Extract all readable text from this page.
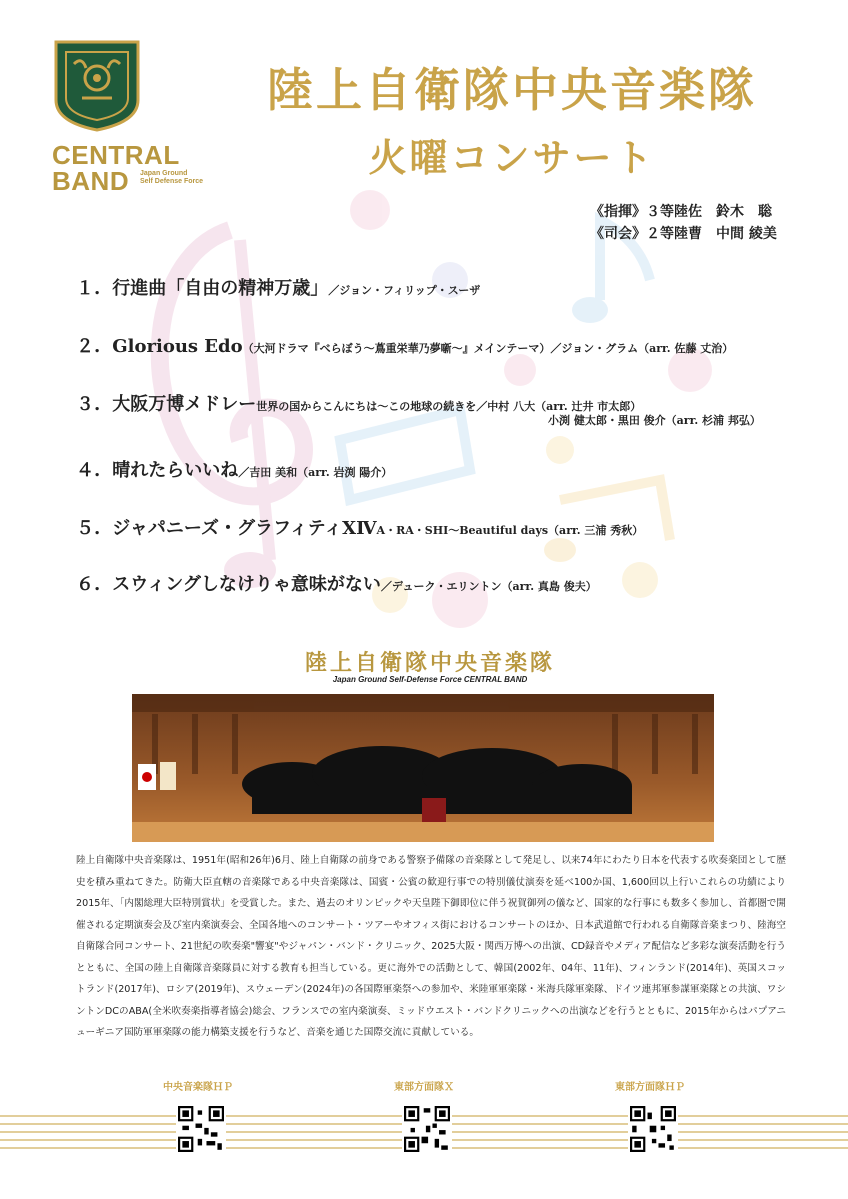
CENTRAL BAND	Japan Ground
Self Defense Force
陸上自衛隊中央音楽隊
火曜コンサート
《指揮》３等陸佐　鈴木　聡
《司会》２等陸曹　中間 綾美
１. 行進曲「自由の精神万歳」／ジョン・フィリップ・スーザ
２. Glorious Edo（大河ドラマ『べらぼう～蔦重栄華乃夢噺～』メインテーマ）／ジョン・グラム（arr. 佐藤 丈治）
３. 大阪万博メドレー世界の国からこんにちは～この地球の続きを／中村 八大（arr. 辻井 市太郎）
小渕 健太郎・黒田 俊介（arr. 杉浦 邦弘）
４. 晴れたらいいね／吉田 美和（arr. 岩渕 陽介）
５. ジャパニーズ・グラフィティⅩⅣA・RA・SHI～Beautiful days（arr. 三浦 秀秋）
６. スウィングしなけりゃ意味がない／デューク・エリントン（arr. 真島 俊夫）
陸上自衛隊中央音楽隊
Japan Ground Self-Defense Force CENTRAL BAND
陸上自衛隊中央音楽隊は、1951年(昭和26年)6月、陸上自衛隊の前身である警察予備隊の音楽隊として発足し、以来74年にわたり日本を代表する吹奏楽団として歴史を積み重ねてきた。防衛大臣直轄の音楽隊である中央音楽隊は、国賓・公賓の歓迎行事での特別儀仗演奏を延べ100か国、1,600回以上行いこれらの功績により2015年、「内閣総理大臣特別賞状」を受賞した。また、過去のオリンピックや天皇陛下御即位に伴う祝賀御列の儀など、国家的な行事にも数多く参加し、首都圏で開催される定期演奏会及び室内楽演奏会、全国各地へのコンサート・ツアーやオフィス街におけるコンサートのほか、日本武道館で行われる自衛隊音楽まつり、陸海空自衛隊合同コンサート、21世紀の吹奏楽"響宴"やジャパン・バンド・クリニック、2025大阪・関西万博への出演、CD録音やメディア配信など多彩な演奏活動を行うとともに、全国の陸上自衛隊音楽隊員に対する教育も担当している。更に海外での活動として、韓国(2002年、04年、11年)、フィンランド(2014年)、英国スコットランド(2017年)、ロシア(2019年)、スウェーデン(2024年)の各国際軍楽祭への参加や、米陸軍軍楽隊・米海兵隊軍楽隊、ドイツ連邦軍参謀軍楽隊との共演、ワシントンDCのABA(全米吹奏楽指導者協会)総会、フランスでの室内楽演奏、ミッドウエスト・バンドクリニックへの出演などを行うとともに、2015年からはパプアニューギニア国防軍軍楽隊の能力構築支援を行うなど、音楽を通じた国際交流に貢献している。
中央音楽隊ＨＰ	東部方面隊Ｘ	東部方面隊ＨＰ
